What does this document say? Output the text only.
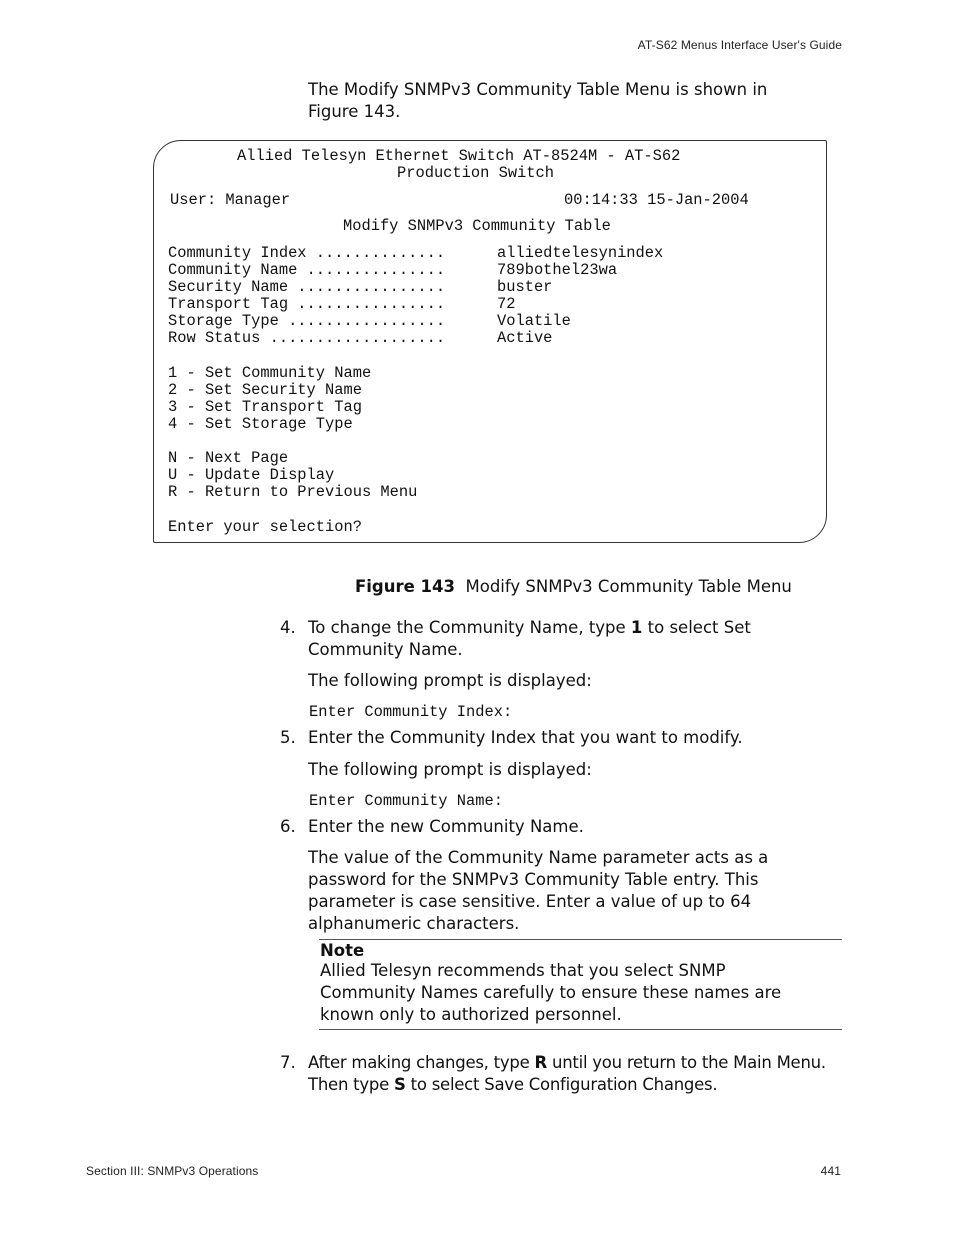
AT-S62 Menus Interface User's Guide
The Modify SNMPv3 Community Table Menu is shown in Figure 143.
Allied Telesyn Ethernet Switch AT-8524M - AT-S62
Production Switch
User: Manager	00:14:33 15-Jan-2004
Modify SNMPv3 Community Table
Community Index ..............	alliedtelesynindex
Community Name ...............	789bothel23wa
Security Name ................	buster
Transport Tag ................	72
Storage Type .................	Volatile
Row Status ...................	Active
1 - Set Community Name
2 - Set Security Name
3 - Set Transport Tag
4 - Set Storage Type
N - Next Page
U - Update Display
R - Return to Previous Menu
Enter your selection?
Figure 143 Modify SNMPv3 Community Table Menu
4. To change the Community Name, type 1 to select Set Community Name.
The following prompt is displayed:
Enter Community Index:
5. Enter the Community Index that you want to modify.
The following prompt is displayed:
Enter Community Name:
6. Enter the new Community Name.
The value of the Community Name parameter acts as a password for the SNMPv3 Community Table entry. This parameter is case sensitive. Enter a value of up to 64 alphanumeric characters.
Note
Allied Telesyn recommends that you select SNMP Community Names carefully to ensure these names are known only to authorized personnel.
7. After making changes, type R until you return to the Main Menu. Then type S to select Save Configuration Changes.
Section III: SNMPv3 Operations	441
